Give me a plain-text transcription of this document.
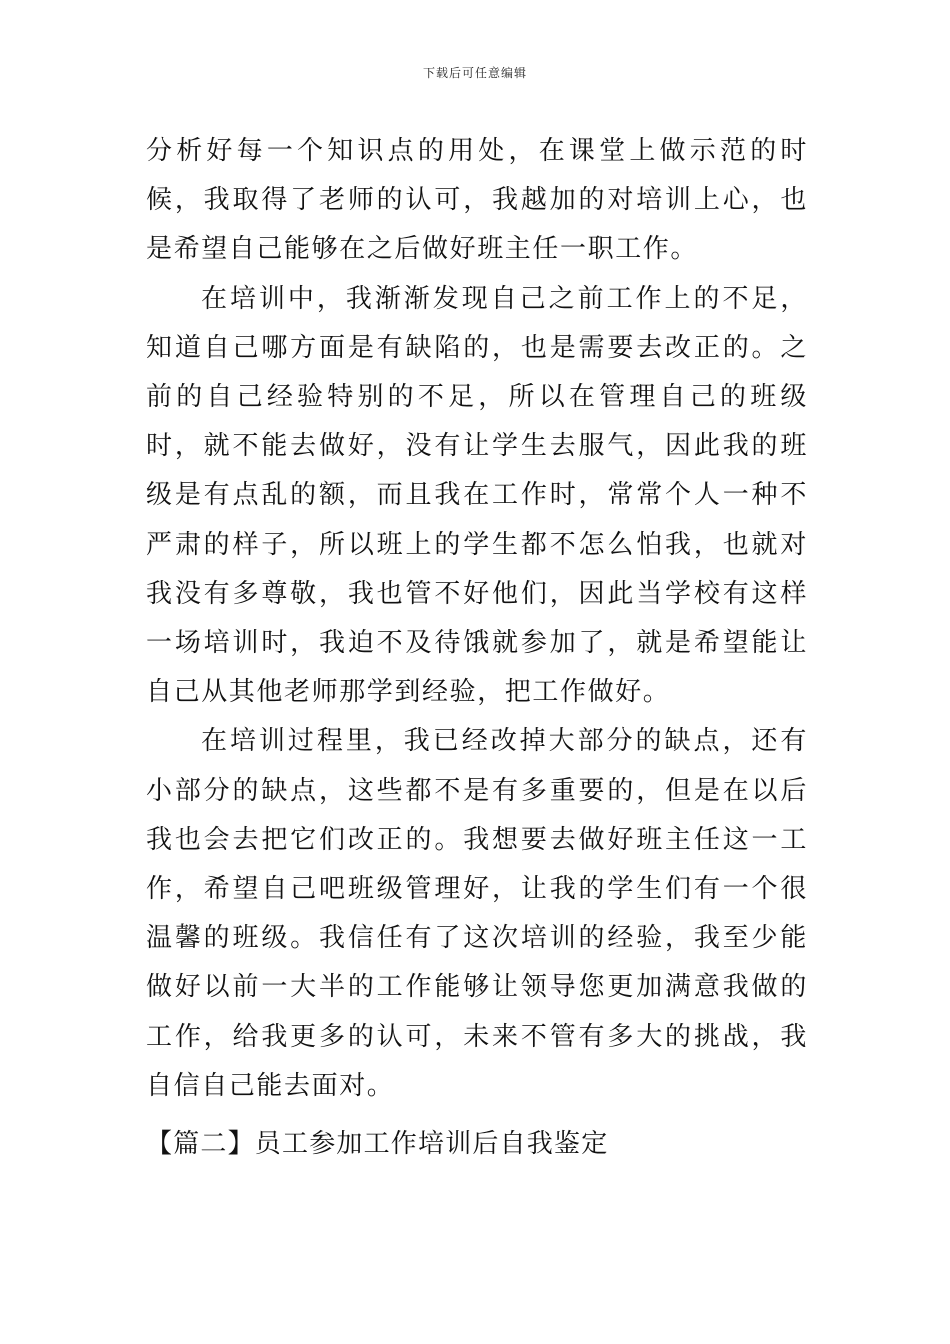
下载后可任意编辑

分析好每一个知识点的用处，在课堂上做示范的时候，我取得了老师的认可，我越加的对培训上心，也是希望自己能够在之后做好班主任一职工作。

在培训中，我渐渐发现自己之前工作上的不足，知道自己哪方面是有缺陷的，也是需要去改正的。之前的自己经验特别的不足，所以在管理自己的班级时，就不能去做好，没有让学生去服气，因此我的班级是有点乱的额，而且我在工作时，常常个人一种不严肃的样子，所以班上的学生都不怎么怕我，也就对我没有多尊敬，我也管不好他们，因此当学校有这样一场培训时，我迫不及待饿就参加了，就是希望能让自己从其他老师那学到经验，把工作做好。

在培训过程里，我已经改掉大部分的缺点，还有小部分的缺点，这些都不是有多重要的，但是在以后我也会去把它们改正的。我想要去做好班主任这一工作，希望自己吧班级管理好，让我的学生们有一个很温馨的班级。我信任有了这次培训的经验，我至少能做好以前一大半的工作能够让领导您更加满意我做的工作，给我更多的认可，未来不管有多大的挑战，我自信自己能去面对。

【篇二】员工参加工作培训后自我鉴定
